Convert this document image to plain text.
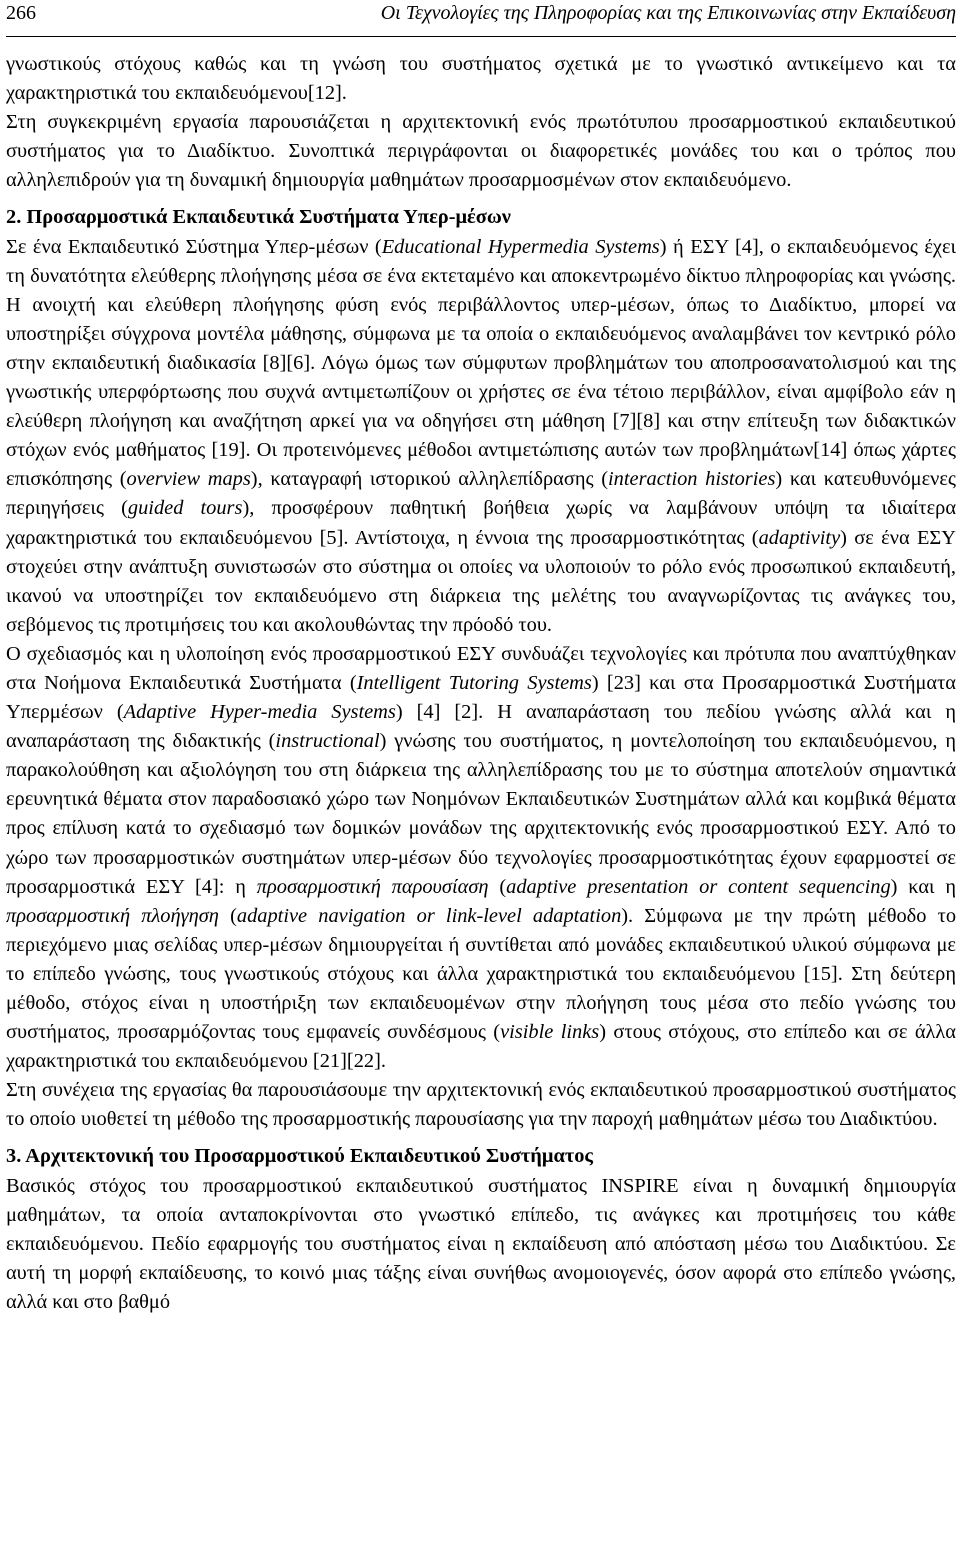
266	Οι Τεχνολογίες της Πληροφορίας και της Επικοινωνίας στην Εκπαίδευση

γνωστικούς στόχους καθώς και τη γνώση του συστήματος σχετικά με το γνωστικό αντικείμενο και τα χαρακτηριστικά του εκπαιδευόμενου[12].

Στη συγκεκριμένη εργασία παρουσιάζεται η αρχιτεκτονική ενός πρωτότυπου προσαρμοστικού εκπαιδευτικού συστήματος για το Διαδίκτυο. Συνοπτικά περιγράφονται οι διαφορετικές μονάδες του και ο τρόπος που αλληλεπιδρούν για τη δυναμική δημιουργία μαθημάτων προσαρμοσμένων στον εκπαιδευόμενο.

2. Προσαρμοστικά Εκπαιδευτικά Συστήματα Υπερ-μέσων

Σε ένα Εκπαιδευτικό Σύστημα Υπερ-μέσων (Educational Hypermedia Systems) ή ΕΣΥ [4], ο εκπαιδευόμενος έχει τη δυνατότητα ελεύθερης πλοήγησης μέσα σε ένα εκτεταμένο και αποκεντρωμένο δίκτυο πληροφορίας και γνώσης. Η ανοιχτή και ελεύθερη πλοήγησης φύση ενός περιβάλλοντος υπερ-μέσων, όπως το Διαδίκτυο, μπορεί να υποστηρίξει σύγχρονα μοντέλα μάθησης, σύμφωνα με τα οποία ο εκπαιδευόμενος αναλαμβάνει τον κεντρικό ρόλο στην εκπαιδευτική διαδικασία [8][6]. Λόγω όμως των σύμφυτων προβλημάτων του αποπροσανατολισμού και της γνωστικής υπερφόρτωσης που συχνά αντιμετωπίζουν οι χρήστες σε ένα τέτοιο περιβάλλον, είναι αμφίβολο εάν η ελεύθερη πλοήγηση και αναζήτηση αρκεί για να οδηγήσει στη μάθηση [7][8] και στην επίτευξη των διδακτικών στόχων ενός μαθήματος [19]. Οι προτεινόμενες μέθοδοι αντιμετώπισης αυτών των προβλημάτων[14] όπως χάρτες επισκόπησης (overview maps), καταγραφή ιστορικού αλληλεπίδρασης (interaction histories) και κατευθυνόμενες περιηγήσεις (guided tours), προσφέρουν παθητική βοήθεια χωρίς να λαμβάνουν υπόψη τα ιδιαίτερα χαρακτηριστικά του εκπαιδευόμενου [5]. Αντίστοιχα, η έννοια της προσαρμοστικότητας (adaptivity) σε ένα ΕΣΥ στοχεύει στην ανάπτυξη συνιστωσών στο σύστημα οι οποίες να υλοποιούν το ρόλο ενός προσωπικού εκπαιδευτή, ικανού να υποστηρίζει τον εκπαιδευόμενο στη διάρκεια της μελέτης του αναγνωρίζοντας τις ανάγκες του, σεβόμενος τις προτιμήσεις του και ακολουθώντας την πρόοδό του.

Ο σχεδιασμός και η υλοποίηση ενός προσαρμοστικού ΕΣΥ συνδυάζει τεχνολογίες και πρότυπα που αναπτύχθηκαν στα Νοήμονα Εκπαιδευτικά Συστήματα (Intelligent Tutoring Systems) [23] και στα Προσαρμοστικά Συστήματα Υπερμέσων (Adaptive Hyper-media Systems) [4] [2]. Η αναπαράσταση του πεδίου γνώσης αλλά και η αναπαράσταση της διδακτικής (instructional) γνώσης του συστήματος, η μοντελοποίηση του εκπαιδευόμενου, η παρακολούθηση και αξιολόγηση του στη διάρκεια της αλληλεπίδρασης του με το σύστημα αποτελούν σημαντικά ερευνητικά θέματα στον παραδοσιακό χώρο των Νοημόνων Εκπαιδευτικών Συστημάτων αλλά και κομβικά θέματα προς επίλυση κατά το σχεδιασμό των δομικών μονάδων της αρχιτεκτονικής ενός προσαρμοστικού ΕΣΥ. Από το χώρο των προσαρμοστικών συστημάτων υπερ-μέσων δύο τεχνολογίες προσαρμοστικότητας έχουν εφαρμοστεί σε προσαρμοστικά ΕΣΥ [4]: η προσαρμοστική παρουσίαση (adaptive presentation or content sequencing) και η προσαρμοστική πλοήγηση (adaptive navigation or link-level adaptation). Σύμφωνα με την πρώτη μέθοδο το περιεχόμενο μιας σελίδας υπερ-μέσων δημιουργείται ή συντίθεται από μονάδες εκπαιδευτικού υλικού σύμφωνα με το επίπεδο γνώσης, τους γνωστικούς στόχους και άλλα χαρακτηριστικά του εκπαιδευόμενου [15]. Στη δεύτερη μέθοδο, στόχος είναι η υποστήριξη των εκπαιδευομένων στην πλοήγηση τους μέσα στο πεδίο γνώσης του συστήματος, προσαρμόζοντας τους εμφανείς συνδέσμους (visible links) στους στόχους, στο επίπεδο και σε άλλα χαρακτηριστικά του εκπαιδευόμενου [21][22].

Στη συνέχεια της εργασίας θα παρουσιάσουμε την αρχιτεκτονική ενός εκπαιδευτικού προσαρμοστικού συστήματος το οποίο υιοθετεί τη μέθοδο της προσαρμοστικής παρουσίασης για την παροχή μαθημάτων μέσω του Διαδικτύου.

3. Αρχιτεκτονική του Προσαρμοστικού Εκπαιδευτικού Συστήματος

Βασικός στόχος του προσαρμοστικού εκπαιδευτικού συστήματος INSPIRE είναι η δυναμική δημιουργία μαθημάτων, τα οποία ανταποκρίνονται στο γνωστικό επίπεδο, τις ανάγκες και προτιμήσεις του κάθε εκπαιδευόμενου. Πεδίο εφαρμογής του συστήματος είναι η εκπαίδευση από απόσταση μέσω του Διαδικτύου. Σε αυτή τη μορφή εκπαίδευσης, το κοινό μιας τάξης είναι συνήθως ανομοιογενές, όσον αφορά στο επίπεδο γνώσης, αλλά και στο βαθμό
